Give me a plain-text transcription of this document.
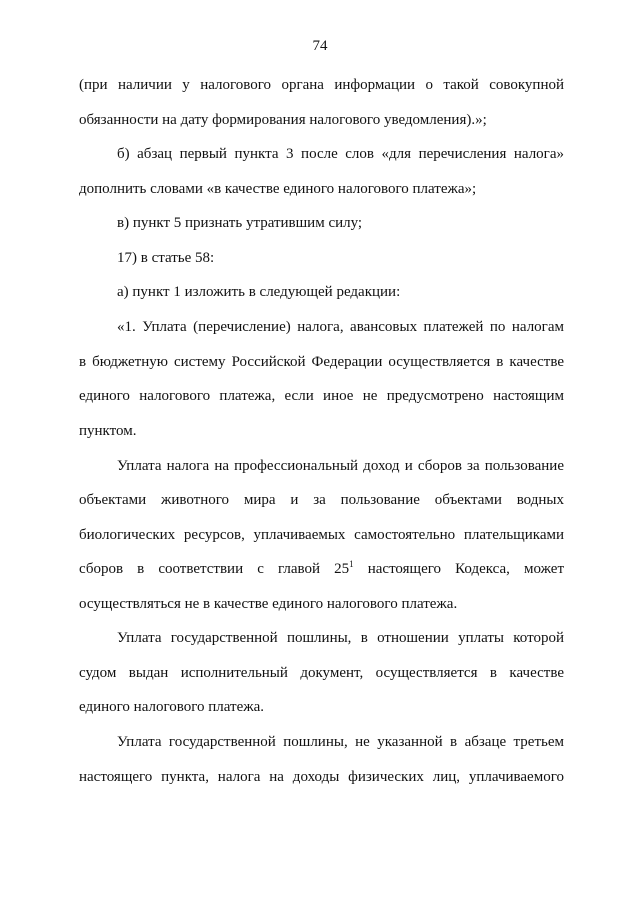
74
(при наличии у налогового органа информации о такой совокупной
обязанности на дату формирования налогового уведомления).»;
б) абзац первый пункта 3 после слов «для перечисления налога»
дополнить словами «в качестве единого налогового платежа»;
в) пункт 5 признать утратившим силу;
17) в статье 58:
а) пункт 1 изложить в следующей редакции:
«1. Уплата (перечисление) налога, авансовых платежей по налогам
в бюджетную систему Российской Федерации осуществляется в качестве
единого налогового платежа, если иное не предусмотрено настоящим
пунктом.
Уплата налога на профессиональный доход и сборов за пользование
объектами животного мира и за пользование объектами водных
биологических ресурсов, уплачиваемых самостоятельно плательщиками
сборов в соответствии с главой $25^1$ настоящего Кодекса, может
осуществляться не в качестве единого налогового платежа.
Уплата государственной пошлины, в отношении уплаты которой
судом выдан исполнительный документ, осуществляется в качестве
единого налогового платежа.
Уплата государственной пошлины, не указанной в абзаце третьем
настоящего пункта, налога на доходы физических лиц, уплачиваемого
